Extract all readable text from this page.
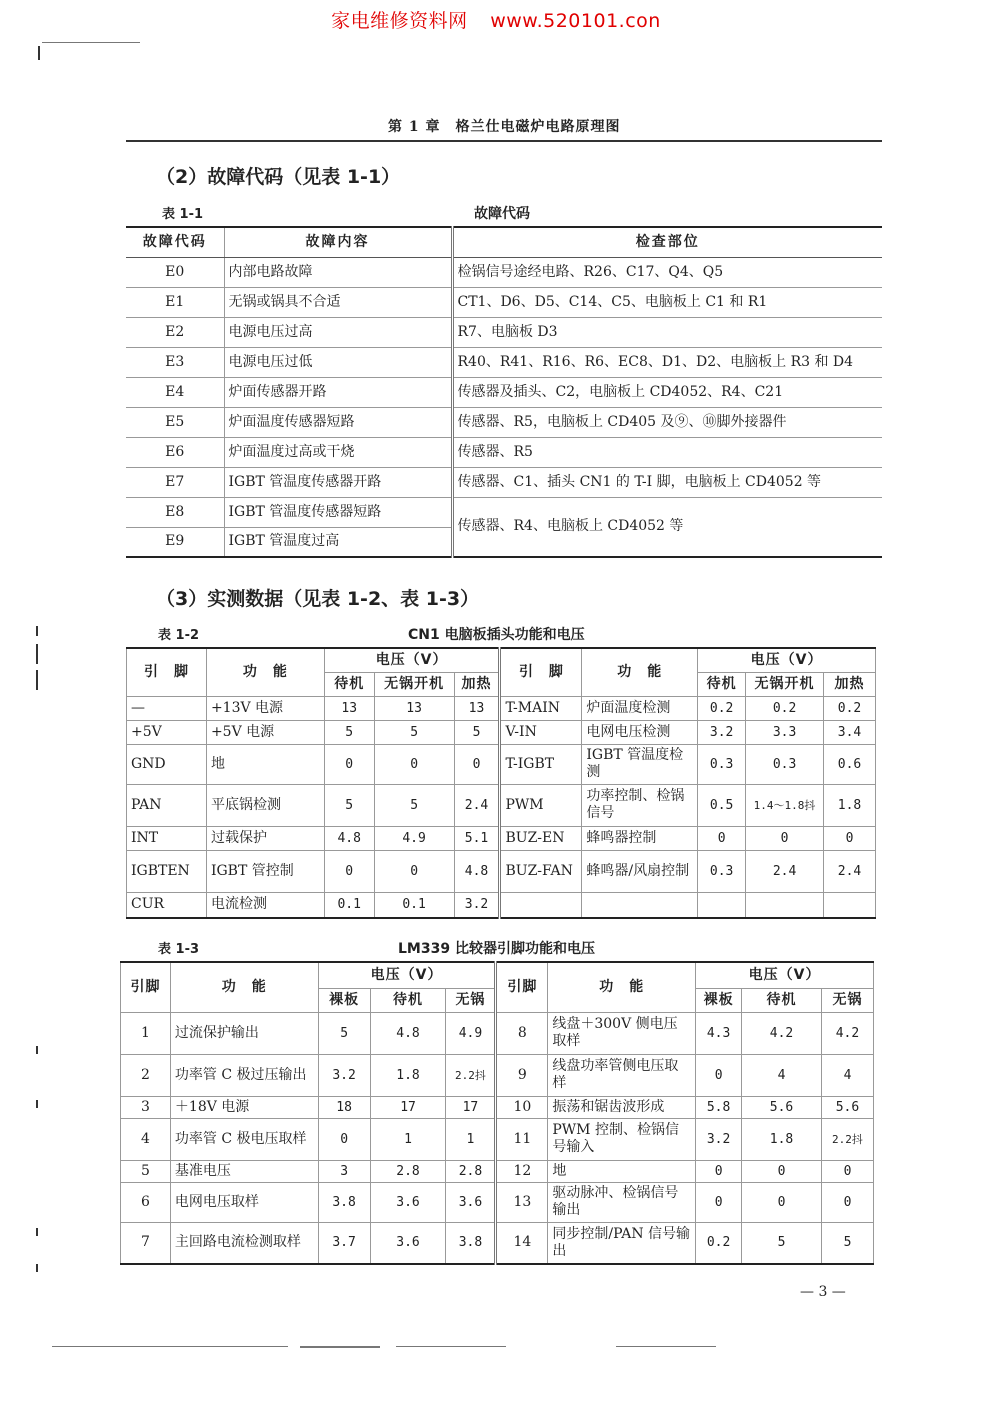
家电维修资料网 www.520101.con
第 1 章　格兰仕电磁炉电路原理图
（2）故障代码（见表 1-1）
表 1-1	故障代码
故障代码	故障内容	检查部位
E0	内部电路故障	检锅信号途经电路、R26、C17、Q4、Q5
E1	无锅或锅具不合适	CT1、D6、D5、C14、C5、电脑板上 C1 和 R1
E2	电源电压过高	R7、电脑板 D3
E3	电源电压过低	R40、R41、R16、R6、EC8、D1、D2、电脑板上 R3 和 D4
E4	炉面传感器开路	传感器及插头、C2，电脑板上 CD4052、R4、C21
E5	炉面温度传感器短路	传感器、R5，电脑板上 CD405 及⑨、⑩脚外接器件
E6	炉面温度过高或干烧	传感器、R5
E7	IGBT 管温度传感器开路	传感器、C1、插头 CN1 的 T-I 脚，电脑板上 CD4052 等
E8	IGBT 管温度传感器短路	传感器、R4、电脑板上 CD4052 等
E9	IGBT 管温度过高	
（3）实测数据（见表 1-2、表 1-3）
表 1-2	CN1 电脑板插头功能和电压
引　脚	功　能	电压（V）			引　脚	功　能	电压（V）		
		待机	无锅开机	加热			待机	无锅开机	加热
—	+13V 电源	13	13	13	T-MAIN	炉面温度检测	0.2	0.2	0.2
+5V	+5V 电源	5	5	5	V-IN	电网电压检测	3.2	3.3	3.4
GND	地	0	0	0	T-IGBT	IGBT 管温度检测	0.3	0.3	0.6
PAN	平底锅检测	5	5	2.4	PWM	功率控制、检锅信号	0.5	1.4～1.8抖	1.8
INT	过载保护	4.8	4.9	5.1	BUZ-EN	蜂鸣器控制	0	0	0
IGBTEN	IGBT 管控制	0	0	4.8	BUZ-FAN	蜂鸣器/风扇控制	0.3	2.4	2.4
CUR	电流检测	0.1	0.1	3.2					
表 1-3	LM339 比较器引脚功能和电压
引脚	功　能	电压（V）			引脚	功　能	电压（V）		
		裸板	待机	无锅			裸板	待机	无锅
1	过流保护输出	5	4.8	4.9	8	线盘＋300V 侧电压取样	4.3	4.2	4.2
2	功率管 C 极过压输出	3.2	1.8	2.2抖	9	线盘功率管侧电压取样	0	4	4
3	＋18V 电源	18	17	17	10	振荡和锯齿波形成	5.8	5.6	5.6
4	功率管 C 极电压取样	0	1	1	11	PWM 控制、检锅信号输入	3.2	1.8	2.2抖
5	基准电压	3	2.8	2.8	12	地	0	0	0
6	电网电压取样	3.8	3.6	3.6	13	驱动脉冲、检锅信号输出	0	0	0
7	主回路电流检测取样	3.7	3.6	3.8	14	同步控制/PAN 信号输出	0.2	5	5
— 3 —
